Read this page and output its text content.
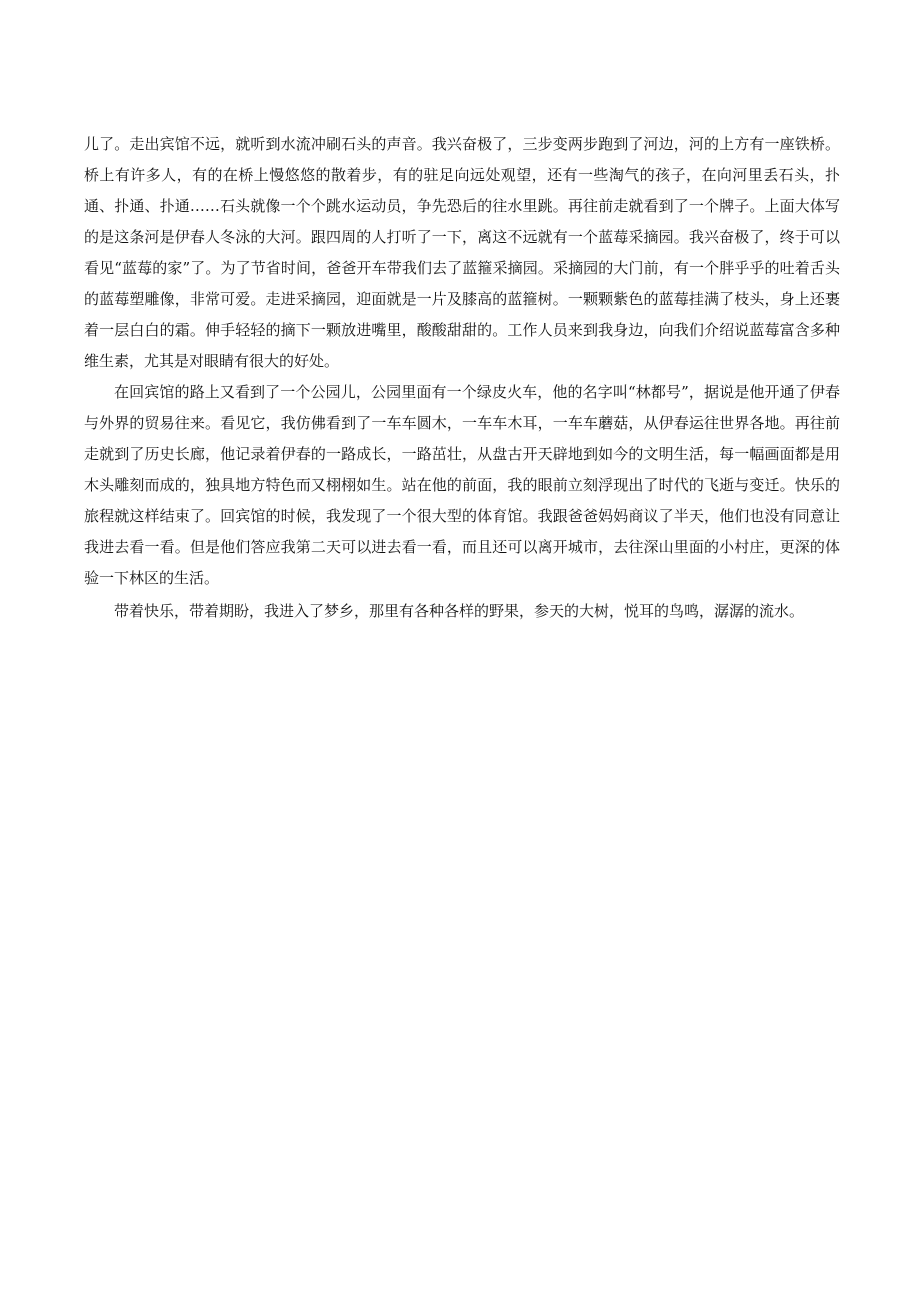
儿了。走出宾馆不远，就听到水流冲刷石头的声音。我兴奋极了，三步变两步跑到了河边，河的上方有一座铁桥。桥上有许多人，有的在桥上慢悠悠的散着步，有的驻足向远处观望，还有一些淘气的孩子，在向河里丢石头，扑通、扑通、扑通……石头就像一个个跳水运动员，争先恐后的往水里跳。再往前走就看到了一个牌子。上面大体写的是这条河是伊春人冬泳的大河。跟四周的人打听了一下，离这不远就有一个蓝莓采摘园。我兴奋极了，终于可以看见“蓝莓的家”了。为了节省时间，爸爸开车带我们去了蓝箍采摘园。采摘园的大门前，有一个胖乎乎的吐着舌头的蓝莓塑雕像，非常可爱。走进采摘园，迎面就是一片及膝高的蓝箍树。一颗颗紫色的蓝莓挂满了枝头，身上还裹着一层白白的霜。伸手轻轻的摘下一颗放进嘴里，酸酸甜甜的。工作人员来到我身边，向我们介绍说蓝莓富含多种维生素，尤其是对眼睛有很大的好处。

在回宾馆的路上又看到了一个公园儿，公园里面有一个绿皮火车，他的名字叫“林都号”，据说是他开通了伊春与外界的贸易往来。看见它，我仿佛看到了一车车圆木，一车车木耳，一车车蘑菇，从伊春运往世界各地。再往前走就到了历史长廊，他记录着伊春的一路成长，一路茁壮，从盘古开天辟地到如今的文明生活，每一幅画面都是用木头雕刻而成的，独具地方特色而又栩栩如生。站在他的前面，我的眼前立刻浮现出了时代的飞逝与变迁。快乐的旅程就这样结束了。回宾馆的时候，我发现了一个很大型的体育馆。我跟爸爸妈妈商议了半天，他们也没有同意让我进去看一看。但是他们答应我第二天可以进去看一看，而且还可以离开城市，去往深山里面的小村庄，更深的体验一下林区的生活。

带着快乐，带着期盼，我进入了梦乡，那里有各种各样的野果，参天的大树，悦耳的鸟鸣，潺潺的流水。
